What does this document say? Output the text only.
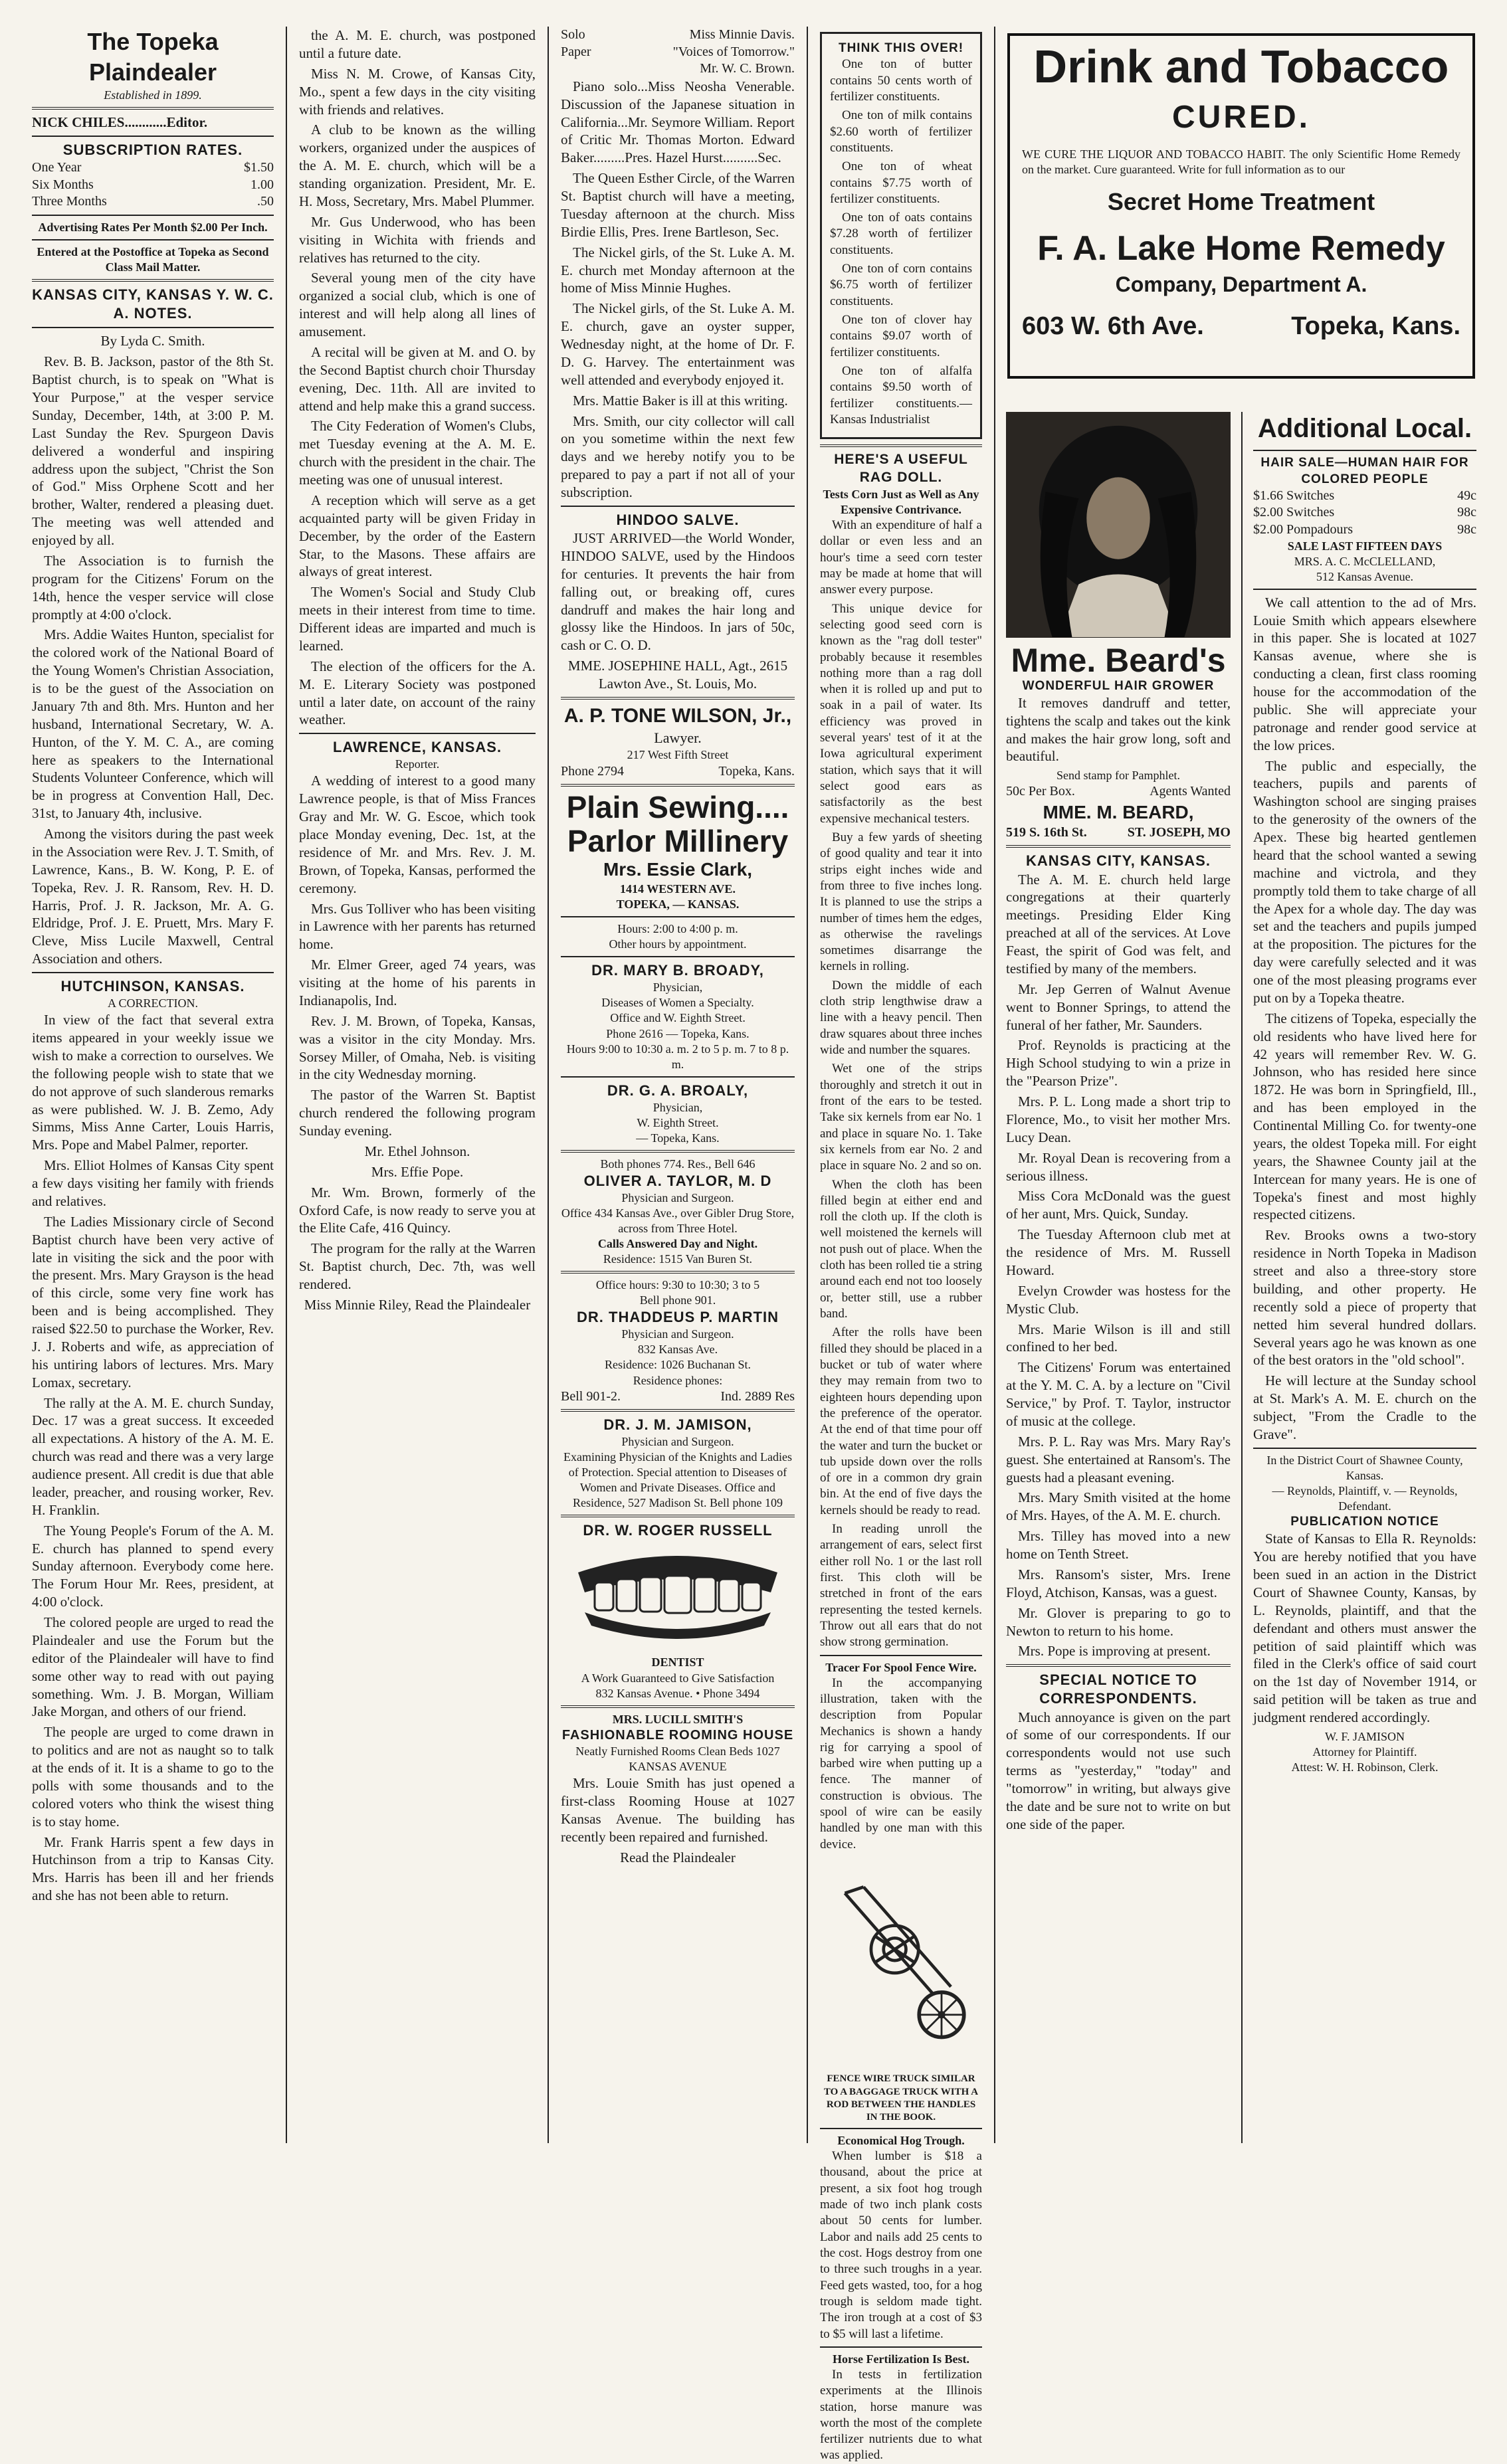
The Topeka Plaindealer
Established in 1899.
NICK CHILES............Editor.
SUBSCRIPTION RATES.
One Year	$1.50
Six Months	1.00
Three Months	.50
Advertising Rates Per Month $2.00 Per Inch.
Entered at the Postoffice at Topeka as Second Class Mail Matter.
KANSAS CITY, KANSAS Y. W. C. A. NOTES.

By Lyda C. Smith.

Rev. B. B. Jackson, pastor of the 8th St. Baptist church, is to speak on "What is Your Purpose," at the vesper service Sunday, December, 14th, at 3:00 P. M. Last Sunday the Rev. Spurgeon Davis delivered a wonderful and inspiring address upon the subject, "Christ the Son of God." Miss Orphene Scott and her brother, Walter, rendered a pleasing duet. The meeting was well attended and enjoyed by all.

The Association is to furnish the program for the Citizens' Forum on the 14th, hence the vesper service will close promptly at 4:00 o'clock.

Mrs. Addie Waites Hunton, specialist for the colored work of the National Board of the Young Women's Christian Association, is to be the guest of the Association on January 7th and 8th. Mrs. Hunton and her husband, International Secretary, W. A. Hunton, of the Y. M. C. A., are coming here as speakers to the International Students Volunteer Conference, which will be in progress at Convention Hall, Dec. 31st, to January 4th, inclusive.

Among the visitors during the past week in the Association were Rev. J. T. Smith, of Lawrence, Kans., B. W. Kong, P. E. of Topeka, Rev. J. R. Ransom, Rev. H. D. Harris, Prof. J. R. Jackson, Mr. A. G. Eldridge, Prof. J. E. Pruett, Mrs. Mary F. Cleve, Miss Lucile Maxwell, Central Association and others.

HUTCHINSON, KANSAS.
A CORRECTION.

In view of the fact that several extra items appeared in your weekly issue we wish to make a correction to ourselves. We the following people wish to state that we do not approve of such slanderous remarks as were published. W. J. B. Zemo, Ady Simms, Miss Anne Carter, Louis Harris, Mrs. Pope and Mabel Palmer, reporter.

Mrs. Elliot Holmes of Kansas City spent a few days visiting her family with friends and relatives.

The Ladies Missionary circle of Second Baptist church have been very active of late in visiting the sick and the poor with the present. Mrs. Mary Grayson is the head of this circle, some very fine work has been and is being accomplished. They raised $22.50 to purchase the Worker, Rev. J. J. Roberts and wife, as appreciation of his untiring labors of lectures. Mrs. Mary Lomax, secretary.

The rally at the A. M. E. church Sunday, Dec. 17 was a great success. It exceeded all expectations. A history of the A. M. E. church was read and there was a very large audience present. All credit is due that able leader, preacher, and rousing worker, Rev. H. Franklin.

The Young People's Forum of the A. M. E. church has planned to spend every Sunday afternoon. Everybody come here. The Forum Hour Mr. Rees, president, at 4:00 o'clock.

The colored people are urged to read the Plaindealer and use the Forum but the editor of the Plaindealer will have to find some other way to read with out paying something. Wm. J. B. Morgan, William Jake Morgan, and others of our friend.

The people are urged to come drawn in to politics and are not as naught so to talk at the ends of it. It is a shame to go to the polls with some thousands and to the colored voters who think the wisest thing is to stay home.

Mr. Frank Harris spent a few days in Hutchinson from a trip to Kansas City. Mrs. Harris has been ill and her friends and she has not been able to return.

the A. M. E. church, was postponed until a future date.

Miss N. M. Crowe, of Kansas City, Mo., spent a few days in the city visiting with friends and relatives.

A club to be known as the willing workers, organized under the auspices of the A. M. E. church, which will be a standing organization. President, Mr. E. H. Moss, Secretary, Mrs. Mabel Plummer.

Mr. Gus Underwood, who has been visiting in Wichita with friends and relatives has returned to the city.

Several young men of the city have organized a social club, which is one of interest and will help along all lines of amusement.

A recital will be given at M. and O. by the Second Baptist church choir Thursday evening, Dec. 11th. All are invited to attend and help make this a grand success.

The City Federation of Women's Clubs, met Tuesday evening at the A. M. E. church with the president in the chair. The meeting was one of unusual interest.

A reception which will serve as a get acquainted party will be given Friday in December, by the order of the Eastern Star, to the Masons. These affairs are always of great interest.

The Women's Social and Study Club meets in their interest from time to time. Different ideas are imparted and much is learned.

The election of the officers for the A. M. E. Literary Society was postponed until a later date, on account of the rainy weather.

LAWRENCE, KANSAS.
Reporter.

A wedding of interest to a good many Lawrence people, is that of Miss Frances Gray and Mr. W. G. Escoe, which took place Monday evening, Dec. 1st, at the residence of Mr. and Mrs. Rev. J. M. Brown, of Topeka, Kansas, performed the ceremony.

Mrs. Gus Tolliver who has been visiting in Lawrence with her parents has returned home.

Mr. Elmer Greer, aged 74 years, was visiting at the home of his parents in Indianapolis, Ind.

Rev. J. M. Brown, of Topeka, Kansas, was a visitor in the city Monday. Mrs. Sorsey Miller, of Omaha, Neb. is visiting in the city Wednesday morning.

The pastor of the Warren St. Baptist church rendered the following program Sunday evening.

Mr. Ethel Johnson.

Mrs. Effie Pope.

Mr. Wm. Brown, formerly of the Oxford Cafe, is now ready to serve you at the Elite Cafe, 416 Quincy.

The program for the rally at the Warren St. Baptist church, Dec. 7th, was well rendered.

Miss Minnie Riley, Read the Plaindealer

Solo	Miss Minnie Davis.
Paper	"Voices of Tomorrow."
Mr. W. C. Brown.

Piano solo...Miss Neosha Venerable. Discussion of the Japanese situation in California...Mr. Seymore William. Report of Critic Mr. Thomas Morton. Edward Baker.........Pres. Hazel Hurst..........Sec.

The Queen Esther Circle, of the Warren St. Baptist church will have a meeting, Tuesday afternoon at the church. Miss Birdie Ellis, Pres. Irene Bartleson, Sec.

The Nickel girls, of the St. Luke A. M. E. church met Monday afternoon at the home of Miss Minnie Hughes.

The Nickel girls, of the St. Luke A. M. E. church, gave an oyster supper, Wednesday night, at the home of Dr. F. D. G. Harvey. The entertainment was well attended and everybody enjoyed it.

Mrs. Mattie Baker is ill at this writing.

Mrs. Smith, our city collector will call on you sometime within the next few days and we hereby notify you to be prepared to pay a part if not all of your subscription.

HINDOO SALVE.

JUST ARRIVED—the World Wonder, HINDOO SALVE, used by the Hindoos for centuries. It prevents the hair from falling out, or breaking off, cures dandruff and makes the hair long and glossy like the Hindoos. In jars of 50c, cash or C. O. D.

MME. JOSEPHINE HALL, Agt., 2615 Lawton Ave., St. Louis, Mo.

A. P. TONE WILSON, Jr.,
Lawyer.
217 West Fifth Street
Phone 2794	Topeka, Kans.
Plain Sewing.... Parlor Millinery
Mrs. Essie Clark,
1414 WESTERN AVE.
TOPEKA, — KANSAS.
Hours: 2:00 to 4:00 p. m.
Other hours by appointment.
DR. MARY B. BROADY,
Physician,
Diseases of Women a Specialty.
Office and W. Eighth Street.
Phone 2616 — Topeka, Kans.
Hours 9:00 to 10:30 a. m. 2 to 5 p. m. 7 to 8 p. m.
DR. G. A. BROALY,
Physician,
W. Eighth Street.
— Topeka, Kans.
Both phones 774. Res., Bell 646
OLIVER A. TAYLOR, M. D
Physician and Surgeon.
Office 434 Kansas Ave., over Gibler Drug Store, across from Three Hotel.
Calls Answered Day and Night.
Residence: 1515 Van Buren St.
Office hours: 9:30 to 10:30; 3 to 5
Bell phone 901.
DR. THADDEUS P. MARTIN
Physician and Surgeon.
832 Kansas Ave.
Residence: 1026 Buchanan St.
Residence phones:
Bell 901-2.	Ind. 2889 Res
DR. J. M. JAMISON,
Physician and Surgeon.
Examining Physician of the Knights and Ladies of Protection. Special attention to Diseases of Women and Private Diseases. Office and Residence, 527 Madison St. Bell phone 109
DR. W. ROGER RUSSELL
DENTIST
A Work Guaranteed to Give Satisfaction
832 Kansas Avenue. • Phone 3494
MRS. LUCILL SMITH'S
FASHIONABLE ROOMING HOUSE
Neatly Furnished Rooms Clean Beds 1027 KANSAS AVENUE

Mrs. Louie Smith has just opened a first-class Rooming House at 1027 Kansas Avenue. The building has recently been repaired and furnished.

Read the Plaindealer

THINK THIS OVER!

One ton of butter contains 50 cents worth of fertilizer constituents.

One ton of milk contains $2.60 worth of fertilizer constituents.

One ton of wheat contains $7.75 worth of fertilizer constituents.

One ton of oats contains $7.28 worth of fertilizer constituents.

One ton of corn contains $6.75 worth of fertilizer constituents.

One ton of clover hay contains $9.07 worth of fertilizer constituents.

One ton of alfalfa contains $9.50 worth of fertilizer constituents.—Kansas Industrialist

HERE'S A USEFUL RAG DOLL.
Tests Corn Just as Well as Any Expensive Contrivance.

With an expenditure of half a dollar or even less and an hour's time a seed corn tester may be made at home that will answer every purpose.

This unique device for selecting good seed corn is known as the "rag doll tester" probably because it resembles nothing more than a rag doll when it is rolled up and put to soak in a pail of water. Its efficiency was proved in several years' test of it at the Iowa agricultural experiment station, which says that it will select good ears as satisfactorily as the best expensive mechanical testers.

Buy a few yards of sheeting of good quality and tear it into strips eight inches wide and from three to five inches long. It is planned to use the strips a number of times hem the edges, as otherwise the ravelings sometimes disarrange the kernels in rolling.

Down the middle of each cloth strip lengthwise draw a line with a heavy pencil. Then draw squares about three inches wide and number the squares.

Wet one of the strips thoroughly and stretch it out in front of the ears to be tested. Take six kernels from ear No. 1 and place in square No. 1. Take six kernels from ear No. 2 and place in square No. 2 and so on.

When the cloth has been filled begin at either end and roll the cloth up. If the cloth is well moistened the kernels will not push out of place. When the cloth has been rolled tie a string around each end not too loosely or, better still, use a rubber band.

After the rolls have been filled they should be placed in a bucket or tub of water where they may remain from two to eighteen hours depending upon the preference of the operator. At the end of that time pour off the water and turn the bucket or tub upside down over the rolls of ore in a common dry grain bin. At the end of five days the kernels should be ready to read.

In reading unroll the arrangement of ears, select first either roll No. 1 or the last roll first. This cloth will be stretched in front of the ears representing the tested kernels. Throw out all ears that do not show strong germination.

Tracer For Spool Fence Wire.

In the accompanying illustration, taken with the description from Popular Mechanics is shown a handy rig for carrying a spool of barbed wire when putting up a fence. The manner of construction is obvious. The spool of wire can be easily handled by one man with this device.

FENCE WIRE TRUCK SIMILAR TO A BAGGAGE TRUCK WITH A ROD BETWEEN THE HANDLES IN THE BOOK.
Economical Hog Trough.

When lumber is $18 a thousand, about the price at present, a six foot hog trough made of two inch plank costs about 50 cents for lumber. Labor and nails add 25 cents to the cost. Hogs destroy from one to three such troughs in a year. Feed gets wasted, too, for a hog trough is seldom made tight. The iron trough at a cost of $3 to $5 will last a lifetime.

Horse Fertilization Is Best.

In tests in fertilization experiments at the Illinois station, horse manure was worth the most of the complete fertilizer nutrients due to what was applied.

Drink and Tobacco
CURED.
WE CURE THE LIQUOR AND TOBACCO HABIT. The only Scientific Home Remedy on the market. Cure guaranteed. Write for full information as to our
Secret Home Treatment
F. A. Lake Home Remedy
Company, Department A.
603 W. 6th Ave.	Topeka, Kans.
Mme. Beard's
WONDERFUL HAIR GROWER

It removes dandruff and tetter, tightens the scalp and takes out the kink and makes the hair grow long, soft and beautiful.

Send stamp for Pamphlet.
50c Per Box.	Agents Wanted
MME. M. BEARD,
519 S. 16th St.	ST. JOSEPH, MO
KANSAS CITY, KANSAS.

The A. M. E. church held large congregations at their quarterly meetings. Presiding Elder King preached at all of the services. At Love Feast, the spirit of God was felt, and testified by many of the members.

Mr. Jep Gerren of Walnut Avenue went to Bonner Springs, to attend the funeral of her father, Mr. Saunders.

Prof. Reynolds is practicing at the High School studying to win a prize in the "Pearson Prize".

Mrs. P. L. Long made a short trip to Florence, Mo., to visit her mother Mrs. Lucy Dean.

Mr. Royal Dean is recovering from a serious illness.

Miss Cora McDonald was the guest of her aunt, Mrs. Quick, Sunday.

The Tuesday Afternoon club met at the residence of Mrs. M. Russell Howard.

Evelyn Crowder was hostess for the Mystic Club.

Mrs. Marie Wilson is ill and still confined to her bed.

The Citizens' Forum was entertained at the Y. M. C. A. by a lecture on "Civil Service," by Prof. T. Taylor, instructor of music at the college.

Mrs. P. L. Ray was Mrs. Mary Ray's guest. She entertained at Ransom's. The guests had a pleasant evening.

Mrs. Mary Smith visited at the home of Mrs. Hayes, of the A. M. E. church.

Mrs. Tilley has moved into a new home on Tenth Street.

Mrs. Ransom's sister, Mrs. Irene Floyd, Atchison, Kansas, was a guest.

Mr. Glover is preparing to go to Newton to return to his home.

Mrs. Pope is improving at present.

SPECIAL NOTICE TO CORRESPONDENTS.

Much annoyance is given on the part of some of our correspondents. If our correspondents would not use such terms as "yesterday," "today" and "tomorrow" in writing, but always give the date and be sure not to write on but one side of the paper.

Additional Local.
HAIR SALE—HUMAN HAIR FOR COLORED PEOPLE
$1.66 Switches	49c
$2.00 Switches	98c
$2.00 Pompadours	98c
SALE LAST FIFTEEN DAYS
MRS. A. C. McCLELLAND,
512 Kansas Avenue.

We call attention to the ad of Mrs. Louie Smith which appears elsewhere in this paper. She is located at 1027 Kansas avenue, where she is conducting a clean, first class rooming house for the accommodation of the public. She will appreciate your patronage and render good service at the low prices.

The public and especially, the teachers, pupils and parents of Washington school are singing praises to the generosity of the owners of the Apex. These big hearted gentlemen heard that the school wanted a sewing machine and victrola, and they promptly told them to take charge of all the Apex for a whole day. The day was set and the teachers and pupils jumped at the proposition. The pictures for the day were carefully selected and it was one of the most pleasing programs ever put on by a Topeka theatre.

The citizens of Topeka, especially the old residents who have lived here for 42 years will remember Rev. W. G. Johnson, who has resided here since 1872. He was born in Springfield, Ill., and has been employed in the Continental Milling Co. for twenty-one years, the oldest Topeka mill. For eight years, the Shawnee County jail at the Intercean for many years. He is one of Topeka's finest and most highly respected citizens.

Rev. Brooks owns a two-story residence in North Topeka in Madison street and also a three-story store building, and other property. He recently sold a piece of property that netted him several hundred dollars. Several years ago he was known as one of the best orators in the "old school".

He will lecture at the Sunday school at St. Mark's A. M. E. church on the subject, "From the Cradle to the Grave".

In the District Court of Shawnee County, Kansas.
— Reynolds, Plaintiff, v. — Reynolds, Defendant.
PUBLICATION NOTICE

State of Kansas to Ella R. Reynolds: You are hereby notified that you have been sued in an action in the District Court of Shawnee County, Kansas, by L. Reynolds, plaintiff, and that the defendant and others must answer the petition of said plaintiff which was filed in the Clerk's office of said court on the 1st day of November 1914, or said petition will be taken as true and judgment rendered accordingly.

W. F. JAMISON
Attorney for Plaintiff.
Attest: W. H. Robinson, Clerk.
